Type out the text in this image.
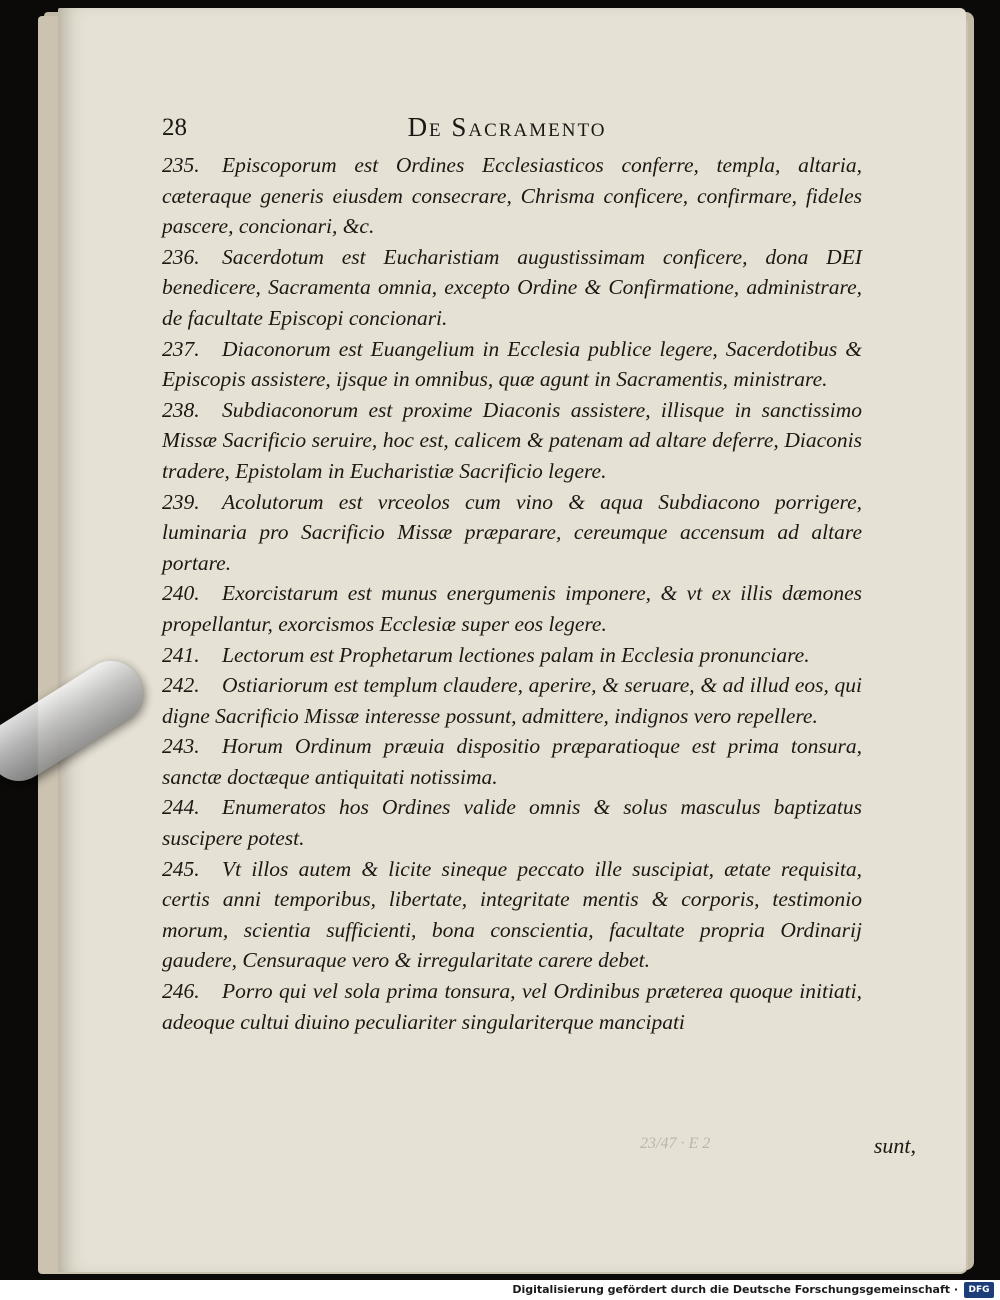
28	De Sacramento

235. Episcoporum est Ordines Ecclesiasticos conferre, templa, altaria, cæteraque generis eiusdem consecrare, Chrisma conficere, confirmare, fideles pascere, concionari, &c.

236. Sacerdotum est Eucharistiam augustissimam conficere, dona DEI benedicere, Sacramenta omnia, excepto Ordine & Confirmatione, administrare, de facultate Episcopi concionari.

237. Diaconorum est Euangelium in Ecclesia publice legere, Sacerdotibus & Episcopis assistere, ijsque in omnibus, quæ agunt in Sacramentis, ministrare.

238. Subdiaconorum est proxime Diaconis assistere, illisque in sanctissimo Missæ Sacrificio seruire, hoc est, calicem & patenam ad altare deferre, Diaconis tradere, Epistolam in Eucharistiæ Sacrificio legere.

239. Acolutorum est vrceolos cum vino & aqua Subdiacono porrigere, luminaria pro Sacrificio Missæ præparare, cereumque accensum ad altare portare.

240. Exorcistarum est munus energumenis imponere, & vt ex illis dæmones propellantur, exorcismos Ecclesiæ super eos legere.

241. Lectorum est Prophetarum lectiones palam in Ecclesia pronunciare.

242. Ostiariorum est templum claudere, aperire, & seruare, & ad illud eos, qui digne Sacrificio Missæ interesse possunt, admittere, indignos vero repellere.

243. Horum Ordinum præuia dispositio præparatioque est prima tonsura, sanctæ doctæque antiquitati notissima.

244. Enumeratos hos Ordines valide omnis & solus masculus baptizatus suscipere potest.

245. Vt illos autem & licite sineque peccato ille suscipiat, ætate requisita, certis anni temporibus, libertate, integritate mentis & corporis, testimonio morum, scientia sufficienti, bona conscientia, facultate propria Ordinarij gaudere, Censuraque vero & irregularitate carere debet.

246. Porro qui vel sola prima tonsura, vel Ordinibus præterea quoque initiati, adeoque cultui diuino peculiariter singulariterque mancipati

23/47 · E 2	sunt,
Digitalisierung gefördert durch die Deutsche Forschungsgemeinschaft ·	DFG
